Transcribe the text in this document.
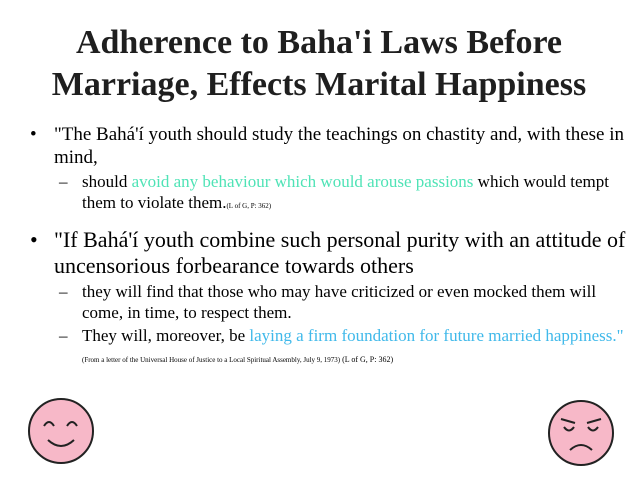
Adherence to Baha'i Laws Before
Marriage, Effects Marital Happiness
• "The Bahá'í youth should study the teachings on chastity and, with these in mind,
– should avoid any behaviour which would arouse passions which would tempt them to violate them.(L of G, P: 362)
• "If Bahá'í youth combine such personal purity with an attitude of uncensorious forbearance towards others
– they will find that those who may have criticized or even mocked them will come, in time, to respect them.
– They will, moreover, be laying a firm foundation for future married happiness." (From a letter of the Universal House of Justice to a Local Spiritual Assembly, July 9, 1973) (L of G, P: 362)
